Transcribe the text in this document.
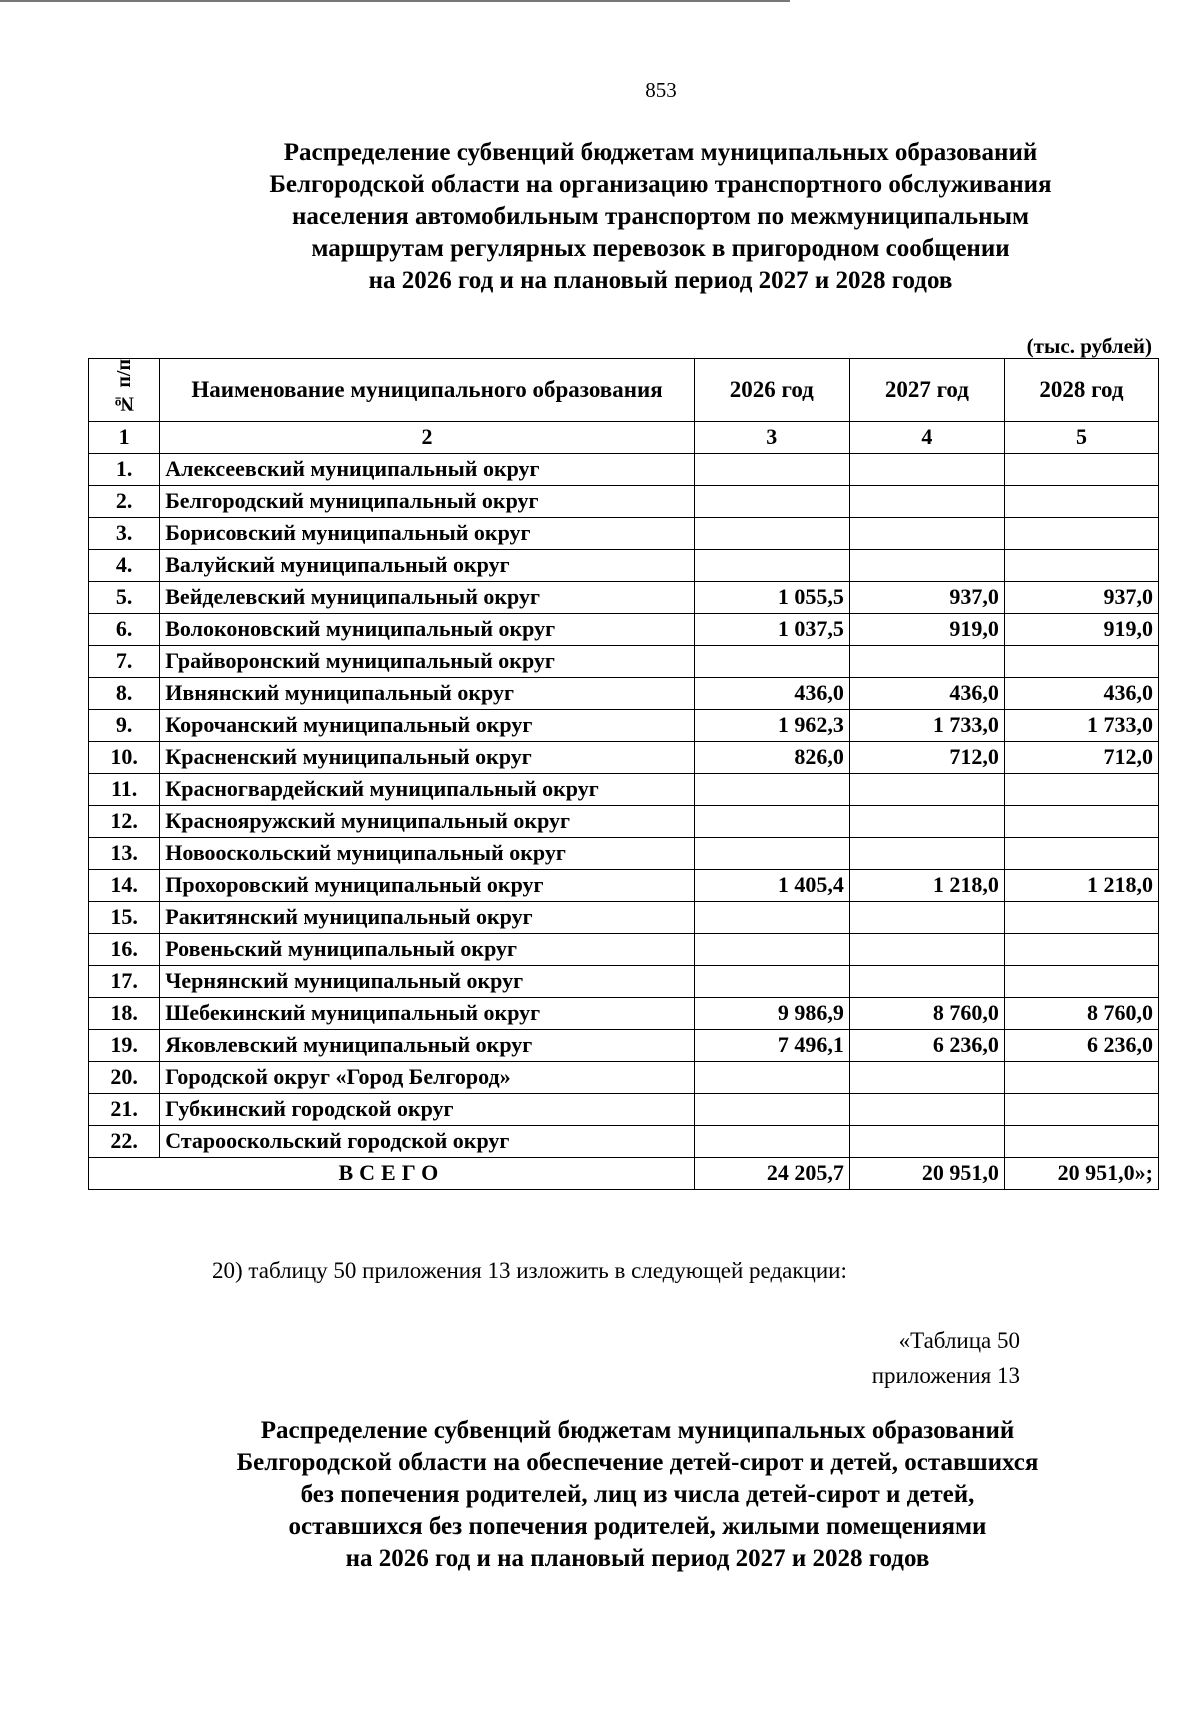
853
Распределение субвенций бюджетам муниципальных образований
Белгородской области на организацию транспортного обслуживания
населения автомобильным транспортом по межмуниципальным
маршрутам регулярных перевозок в пригородном сообщении
на 2026 год и на плановый период 2027 и 2028 годов
(тыс. рублей)
№ п/п	Наименование муниципального образования	2026 год	2027 год	2028 год
1	2	3	4	5
1.	Алексеевский муниципальный округ			
2.	Белгородский муниципальный округ			
3.	Борисовский муниципальный округ			
4.	Валуйский муниципальный округ			
5.	Вейделевский муниципальный округ	1 055,5	937,0	937,0
6.	Волоконовский муниципальный округ	1 037,5	919,0	919,0
7.	Грайворонский муниципальный округ			
8.	Ивнянский муниципальный округ	436,0	436,0	436,0
9.	Корочанский муниципальный округ	1 962,3	1 733,0	1 733,0
10.	Красненский муниципальный округ	826,0	712,0	712,0
11.	Красногвардейский муниципальный округ			
12.	Краснояружский муниципальный округ			
13.	Новооскольский муниципальный округ			
14.	Прохоровский муниципальный округ	1 405,4	1 218,0	1 218,0
15.	Ракитянский муниципальный округ			
16.	Ровеньский муниципальный округ			
17.	Чернянский муниципальный округ			
18.	Шебекинский муниципальный округ	9 986,9	8 760,0	8 760,0
19.	Яковлевский муниципальный округ	7 496,1	6 236,0	6 236,0
20.	Городской округ «Город Белгород»			
21.	Губкинский городской округ			
22.	Старооскольский городской округ			
ВСЕГО		24 205,7	20 951,0	20 951,0»;
20) таблицу 50 приложения 13 изложить в следующей редакции:
«Таблица 50
приложения 13
Распределение субвенций бюджетам муниципальных образований
Белгородской области на обеспечение детей-сирот и детей, оставшихся
без попечения родителей, лиц из числа детей-сирот и детей,
оставшихся без попечения родителей, жилыми помещениями
на 2026 год и на плановый период 2027 и 2028 годов
